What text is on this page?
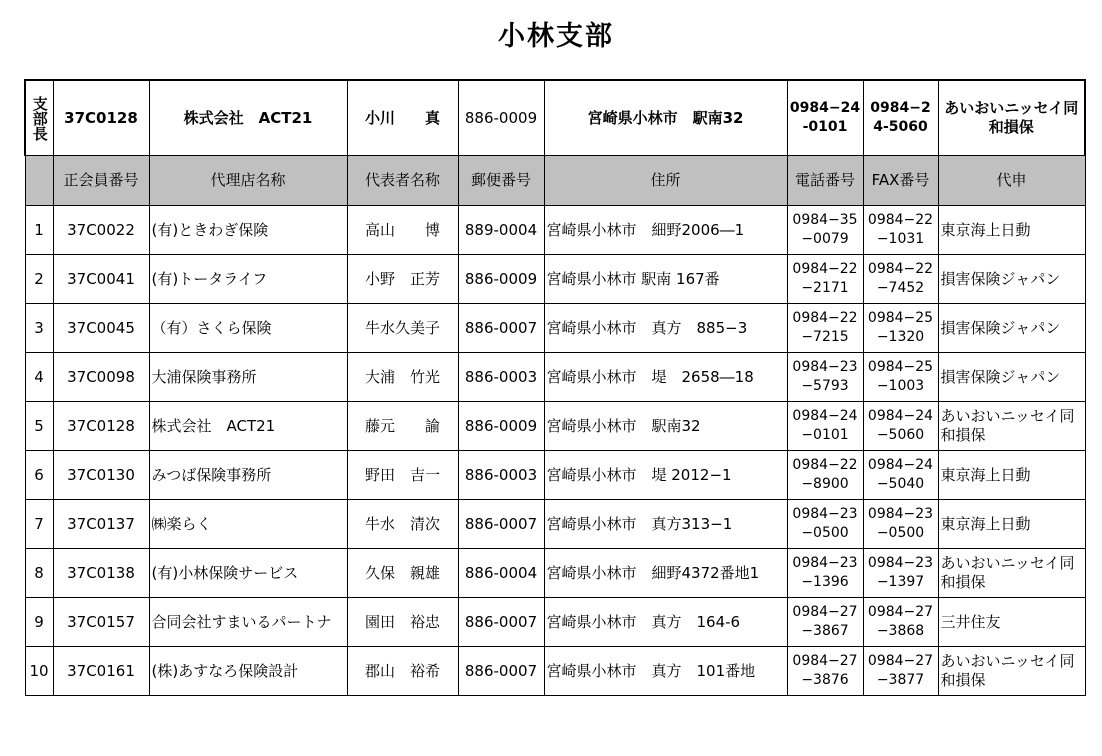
小林支部
支部長	37C0128	株式会社　ACT21	小川　　真	886-0009	宮崎県小林市　駅南32	0984−24-0101	0984−24-5060	あいおいニッセイ同和損保
	正会員番号	代理店名称	代表者名称	郵便番号	住所	電話番号	FAX番号	代申
1	37C0022	(有)ときわぎ保険	高山　　博	889-0004	宮崎県小林市　細野2006―1	0984−35−0079	0984−22−1031	東京海上日動
2	37C0041	(有)トータライフ	小野　正芳	886-0009	宮崎県小林市 駅南 167番	0984−22−2171	0984−22−7452	損害保険ジャパン
3	37C0045	（有）さくら保険	牛水久美子	886-0007	宮崎県小林市　真方　885−3	0984−22−7215	0984−25−1320	損害保険ジャパン
4	37C0098	大浦保険事務所	大浦　竹光	886-0003	宮崎県小林市　堤　2658―18	0984−23−5793	0984−25−1003	損害保険ジャパン
5	37C0128	株式会社　ACT21	藤元　　諭	886-0009	宮崎県小林市　駅南32	0984−24−0101	0984−24−5060	あいおいニッセイ同和損保
6	37C0130	みつば保険事務所	野田　吉一	886-0003	宮崎県小林市　堤 2012−1	0984−22−8900	0984−24−5040	東京海上日動
7	37C0137	㈱楽らく	牛水　清次	886-0007	宮崎県小林市　真方313−1	0984−23−0500	0984−23−0500	東京海上日動
8	37C0138	(有)小林保険サービス	久保　親雄	886-0004	宮崎県小林市　細野4372番地1	0984−23−1396	0984−23−1397	あいおいニッセイ同和損保
9	37C0157	合同会社すまいるパートナ	園田　裕忠	886-0007	宮崎県小林市　真方　164-6	0984−27−3867	0984−27−3868	三井住友
10	37C0161	(株)あすなろ保険設計	郡山　裕希	886-0007	宮崎県小林市　真方　101番地	0984−27−3876	0984−27−3877	あいおいニッセイ同和損保
